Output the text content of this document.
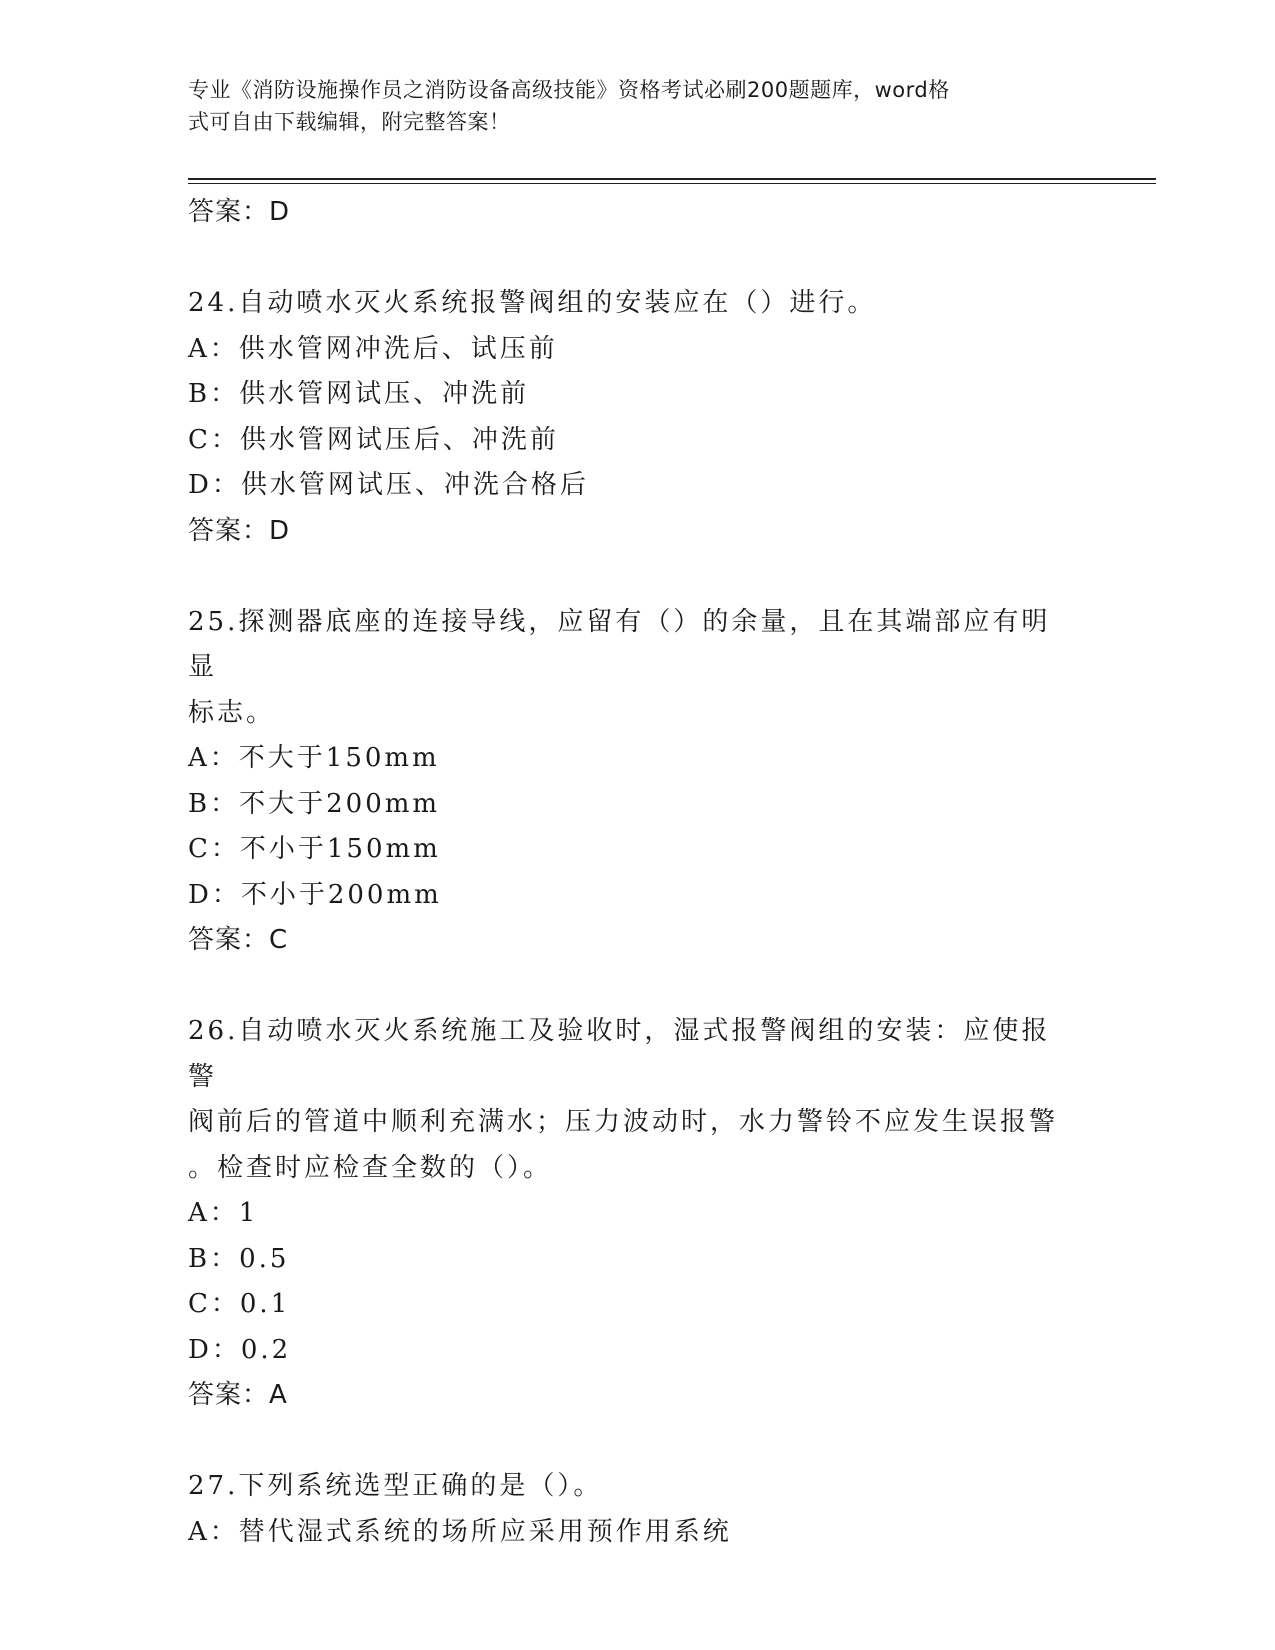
专业《消防设施操作员之消防设备高级技能》资格考试必刷200题题库，word格
式可自由下载编辑，附完整答案！
答案：D
24.自动喷水灭火系统报警阀组的安装应在（）进行。
A：供水管网冲洗后、试压前
B：供水管网试压、冲洗前
C：供水管网试压后、冲洗前
D：供水管网试压、冲洗合格后
答案：D
25.探测器底座的连接导线，应留有（）的余量，且在其端部应有明显
标志。
A：不大于150mm
B：不大于200mm
C：不小于150mm
D：不小于200mm
答案：C
26.自动喷水灭火系统施工及验收时，湿式报警阀组的安装：应使报警
阀前后的管道中顺利充满水；压力波动时，水力警铃不应发生误报警
。检查时应检查全数的（）。
A：1
B：0.5
C：0.1
D：0.2
答案：A
27.下列系统选型正确的是（）。
A：替代湿式系统的场所应采用预作用系统
